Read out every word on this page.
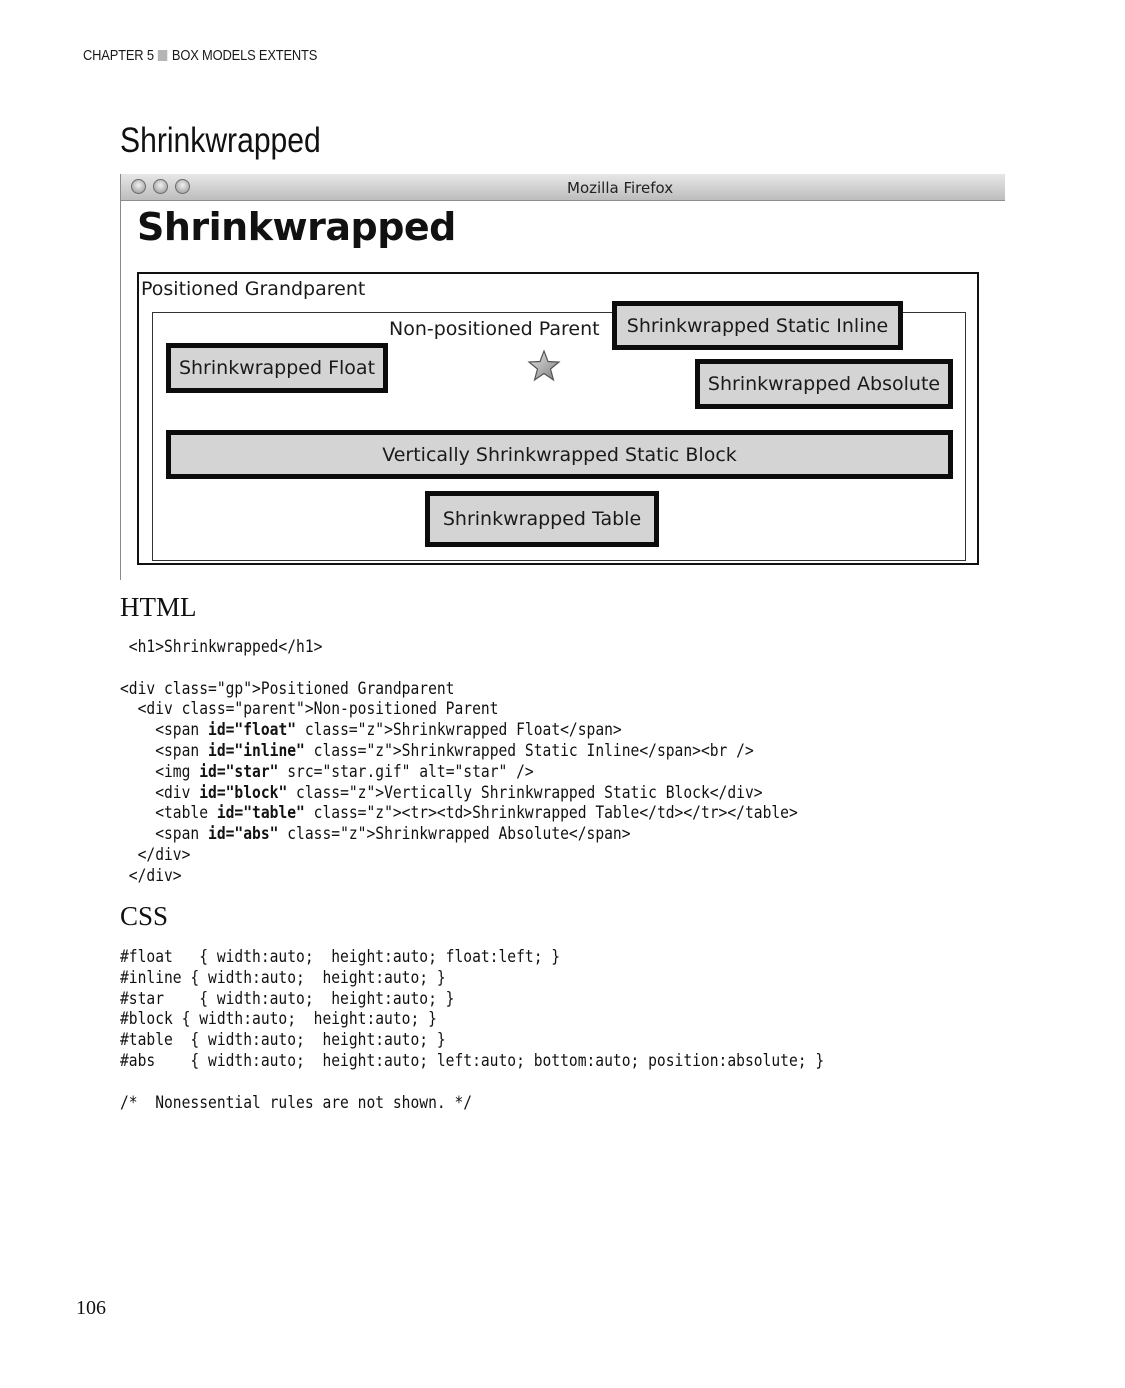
CHAPTER 5 BOX MODELS EXTENTS
Shrinkwrapped
Mozilla Firefox
Shrinkwrapped
Positioned Grandparent
Non-positioned Parent	Shrinkwrapped Static Inline
Shrinkwrapped Float
Shrinkwrapped Absolute
Vertically Shrinkwrapped Static Block
Shrinkwrapped Table
HTML
<h1>Shrinkwrapped</h1>

<div class="gp">Positioned Grandparent
<div class="parent">Non-positioned Parent
<span id="float" class="z">Shrinkwrapped Float</span>
<span id="inline" class="z">Shrinkwrapped Static Inline</span><br />
<img id="star" src="star.gif" alt="star" />
<div id="block" class="z">Vertically Shrinkwrapped Static Block</div>
<table id="table" class="z"><tr><td>Shrinkwrapped Table</td></tr></table>
<span id="abs" class="z">Shrinkwrapped Absolute</span>
</div>
</div>
CSS
#float   { width:auto;  height:auto; float:left; }
#inline { width:auto;  height:auto; }
#star    { width:auto;  height:auto; }
#block { width:auto;  height:auto; }
#table  { width:auto;  height:auto; }
#abs    { width:auto;  height:auto; left:auto; bottom:auto; position:absolute; }

/*  Nonessential rules are not shown. */
106
